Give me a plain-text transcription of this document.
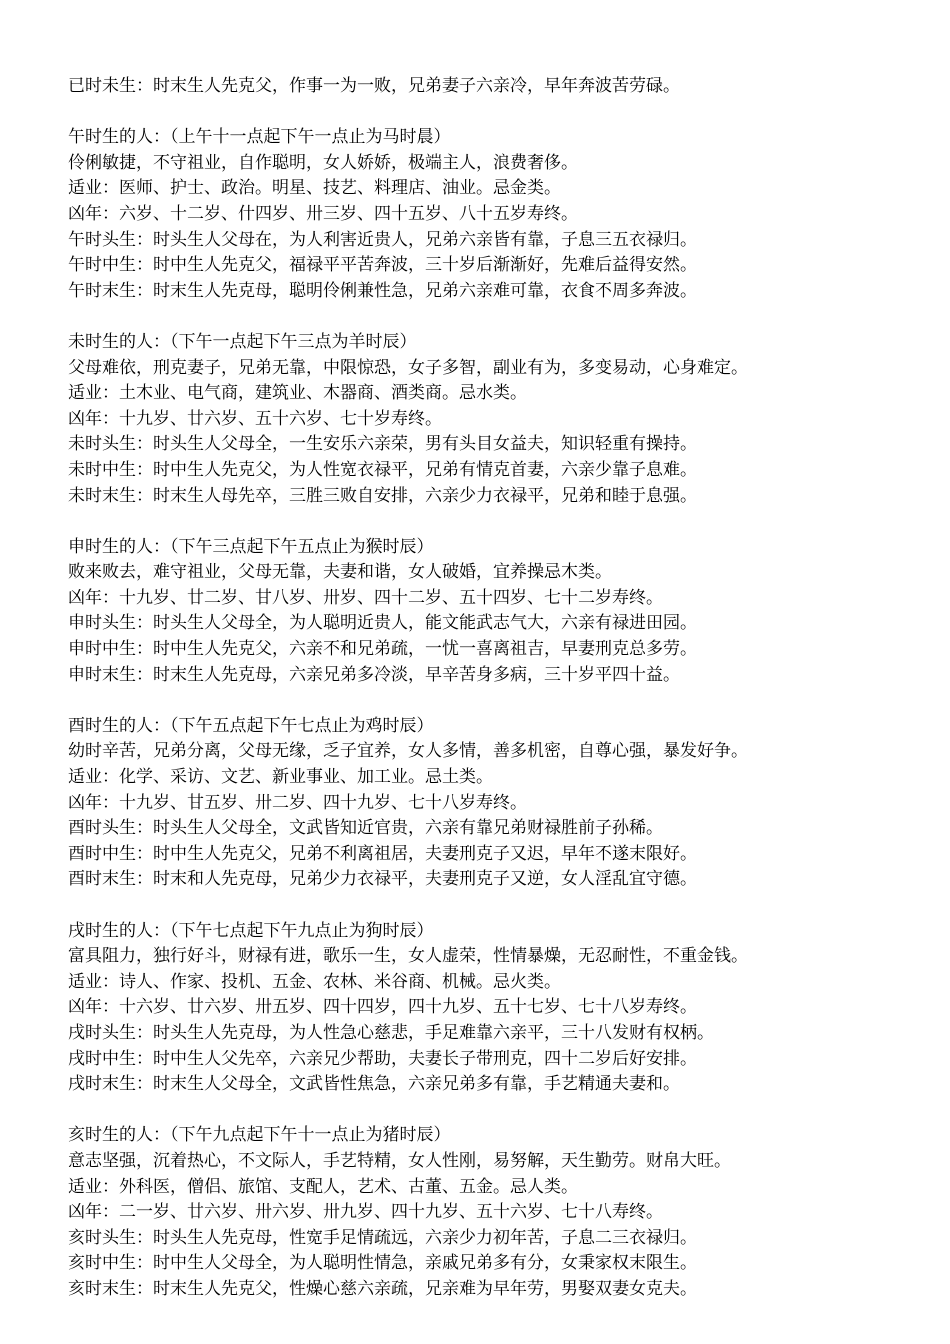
已时未生：时末生人先克父，作事一为一败，兄弟妻子六亲冷，早年奔波苦劳碌。
午时生的人：（上午十一点起下午一点止为马时晨）
伶俐敏捷，不守祖业，自作聪明，女人娇娇，极端主人，浪费奢侈。
适业：医师、护士、政治。明星、技艺、料理店、油业。忌金类。
凶年：六岁、十二岁、什四岁、卅三岁、四十五岁、八十五岁寿终。
午时头生：时头生人父母在，为人利害近贵人，兄弟六亲皆有靠，子息三五衣禄归。
午时中生：时中生人先克父，福禄平平苦奔波，三十岁后渐渐好，先难后益得安然。
午时末生：时末生人先克母，聪明伶俐兼性急，兄弟六亲难可靠，衣食不周多奔波。
未时生的人：（下午一点起下午三点为羊时辰）
父母难依，刑克妻子，兄弟无靠，中限惊恐，女子多智，副业有为，多变易动，心身难定。
适业：土木业、电气商，建筑业、木器商、酒类商。忌水类。
凶年：十九岁、廿六岁、五十六岁、七十岁寿终。
未时头生：时头生人父母全，一生安乐六亲荣，男有头目女益夫，知识轻重有操持。
未时中生：时中生人先克父，为人性宽衣禄平，兄弟有情克首妻，六亲少靠子息难。
未时末生：时末生人母先卒，三胜三败自安排，六亲少力衣禄平，兄弟和睦于息强。
申时生的人：（下午三点起下午五点止为猴时辰）
败来败去，难守祖业，父母无靠，夫妻和谐，女人破婚，宜养操忌木类。
凶年：十九岁、廿二岁、甘八岁、卅岁、四十二岁、五十四岁、七十二岁寿终。
申时头生：时头生人父母全，为人聪明近贵人，能文能武志气大，六亲有禄进田园。
申时中生：时中生人先克父，六亲不和兄弟疏，一忧一喜离祖吉，早妻刑克总多劳。
申时末生：时末生人先克母，六亲兄弟多冷淡，早辛苦身多病，三十岁平四十益。
酉时生的人：（下午五点起下午七点止为鸡时辰）
幼时辛苦，兄弟分离，父母无缘，乏子宜养，女人多情，善多机密，自尊心强，暴发好争。
适业：化学、采访、文艺、新业事业、加工业。忌土类。
凶年：十九岁、甘五岁、卅二岁、四十九岁、七十八岁寿终。
酉时头生：时头生人父母全，文武皆知近官贵，六亲有靠兄弟财禄胜前子孙稀。
酉时中生：时中生人先克父，兄弟不利离祖居，夫妻刑克子又迟，早年不遂末限好。
酉时末生：时末和人先克母，兄弟少力衣禄平，夫妻刑克子又逆，女人淫乱宜守德。
戌时生的人：（下午七点起下午九点止为狗时辰）
富具阻力，独行好斗，财禄有进，歌乐一生，女人虚荣，性情暴燥，无忍耐性，不重金钱。
适业：诗人、作家、投机、五金、农林、米谷商、机械。忌火类。
凶年：十六岁、廿六岁、卅五岁、四十四岁，四十九岁、五十七岁、七十八岁寿终。
戌时头生：时头生人先克母，为人性急心慈悲，手足难靠六亲平，三十八发财有权柄。
戌时中生：时中生人父先卒，六亲兄少帮助，夫妻长子带刑克，四十二岁后好安排。
戌时末生：时末生人父母全，文武皆性焦急，六亲兄弟多有靠，手艺精通夫妻和。
亥时生的人：（下午九点起下午十一点止为猪时辰）
意志坚强，沉着热心，不文际人，手艺特精，女人性刚，易努解，天生勤劳。财帛大旺。
适业：外科医，僧侣、旅馆、支配人，艺术、古董、五金。忌人类。
凶年：二一岁、廿六岁、卅六岁、卅九岁、四十九岁、五十六岁、七十八寿终。
亥时头生：时头生人先克母，性宽手足情疏远，六亲少力初年苦，子息二三衣禄归。
亥时中生：时中生人父母全，为人聪明性情急，亲戚兄弟多有分，女秉家权末限生。
亥时末生：时末生人先克父，性燥心慈六亲疏，兄亲难为早年劳，男娶双妻女克夫。
